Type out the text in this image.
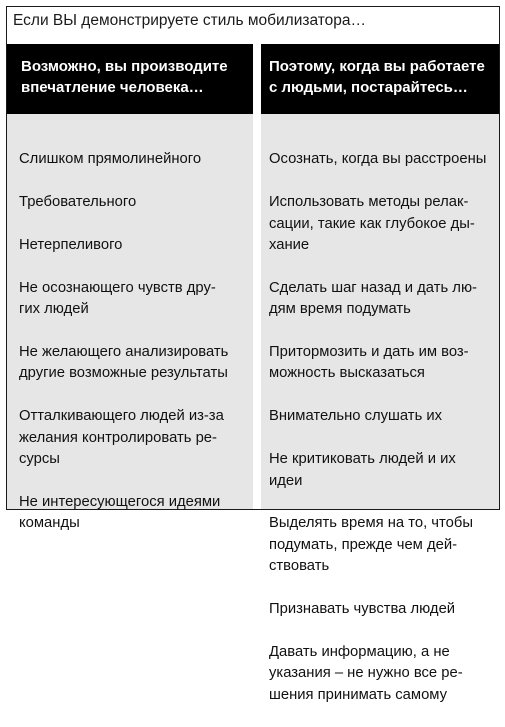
Если ВЫ демонстрируете стиль мобилизатора…
Возможно, вы производите
впечатление человека…
Поэтому, когда вы работаете
с людьми, постарайтесь…

Слишком прямолинейного

Требовательного

Нетерпеливого

Не осознающего чувств дру-
гих людей

Не желающего анализировать
другие возможные результаты

Отталкивающего людей из-за
желания контролировать ре-
сурсы

Не интересующегося идеями
команды

Осознать, когда вы расстроены

Использовать методы релак-
сации, такие как глубокое ды-
хание

Сделать шаг назад и дать лю-
дям время подумать

Притормозить и дать им воз-
можность высказаться

Внимательно слушать их

Не критиковать людей и их
идеи

Выделять время на то, чтобы
подумать, прежде чем дей-
ствовать

Признавать чувства людей

Давать информацию, а не
указания – не нужно все ре-
шения принимать самому
